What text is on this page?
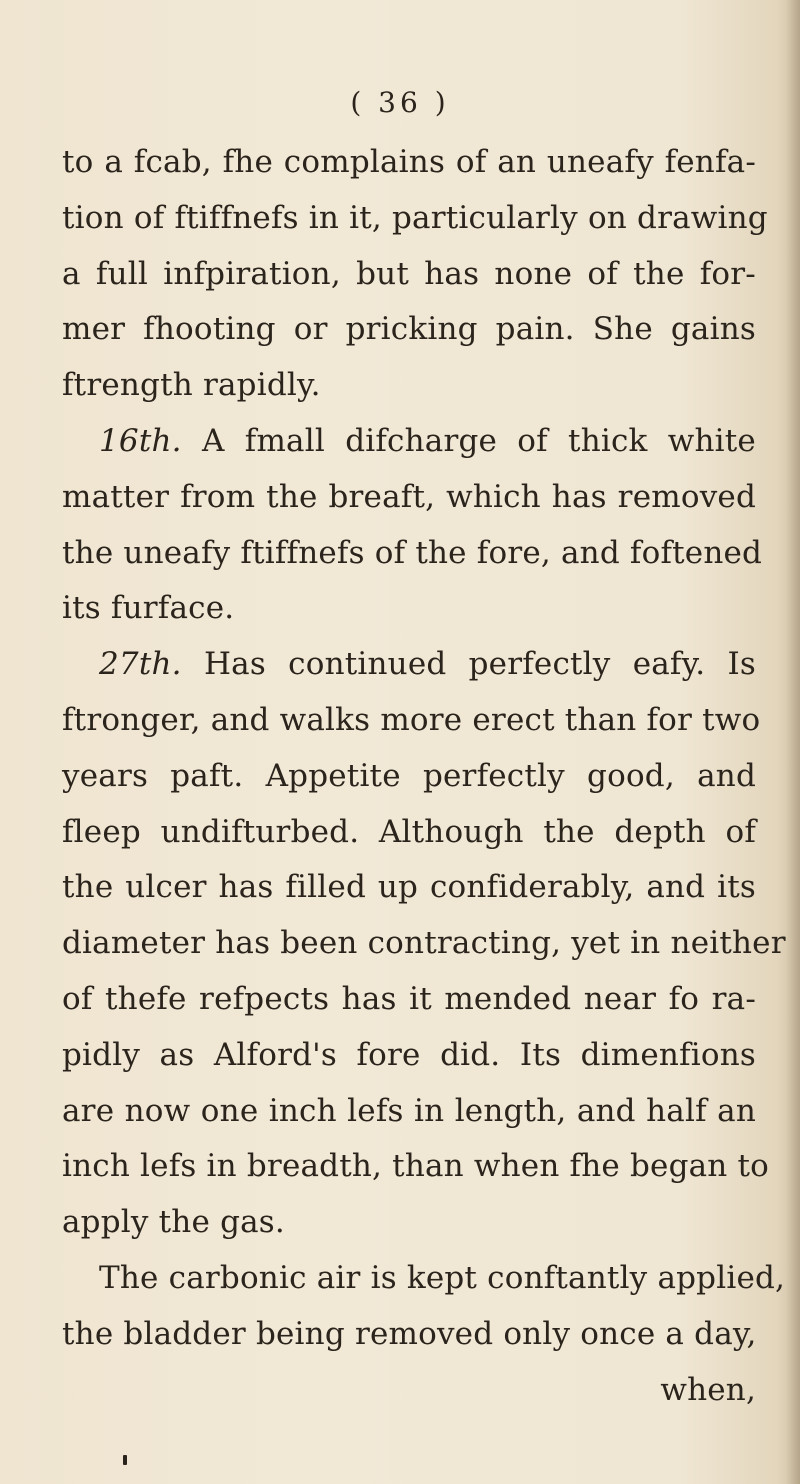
( 36 )
to a fcab, fhe complains of an uneafy fenfa-
tion of ftiffnefs in it, particularly on drawing
a full infpiration, but has none of the for-
mer fhooting or pricking pain. She gains
ftrength rapidly.
16th. A fmall difcharge of thick white
matter from the breaft, which has removed
the uneafy ftiffnefs of the fore, and foftened
its furface.
27th. Has continued perfectly eafy. Is
ftronger, and walks more erect than for two
years paft. Appetite perfectly good, and
fleep undifturbed. Although the depth of
the ulcer has filled up confiderably, and its
diameter has been contracting, yet in neither
of thefe refpects has it mended near fo ra-
pidly as Alford's fore did. Its dimenfions
are now one inch lefs in length, and half an
inch lefs in breadth, than when fhe began to
apply the gas.
The carbonic air is kept conftantly applied,
the bladder being removed only once a day,
when,
